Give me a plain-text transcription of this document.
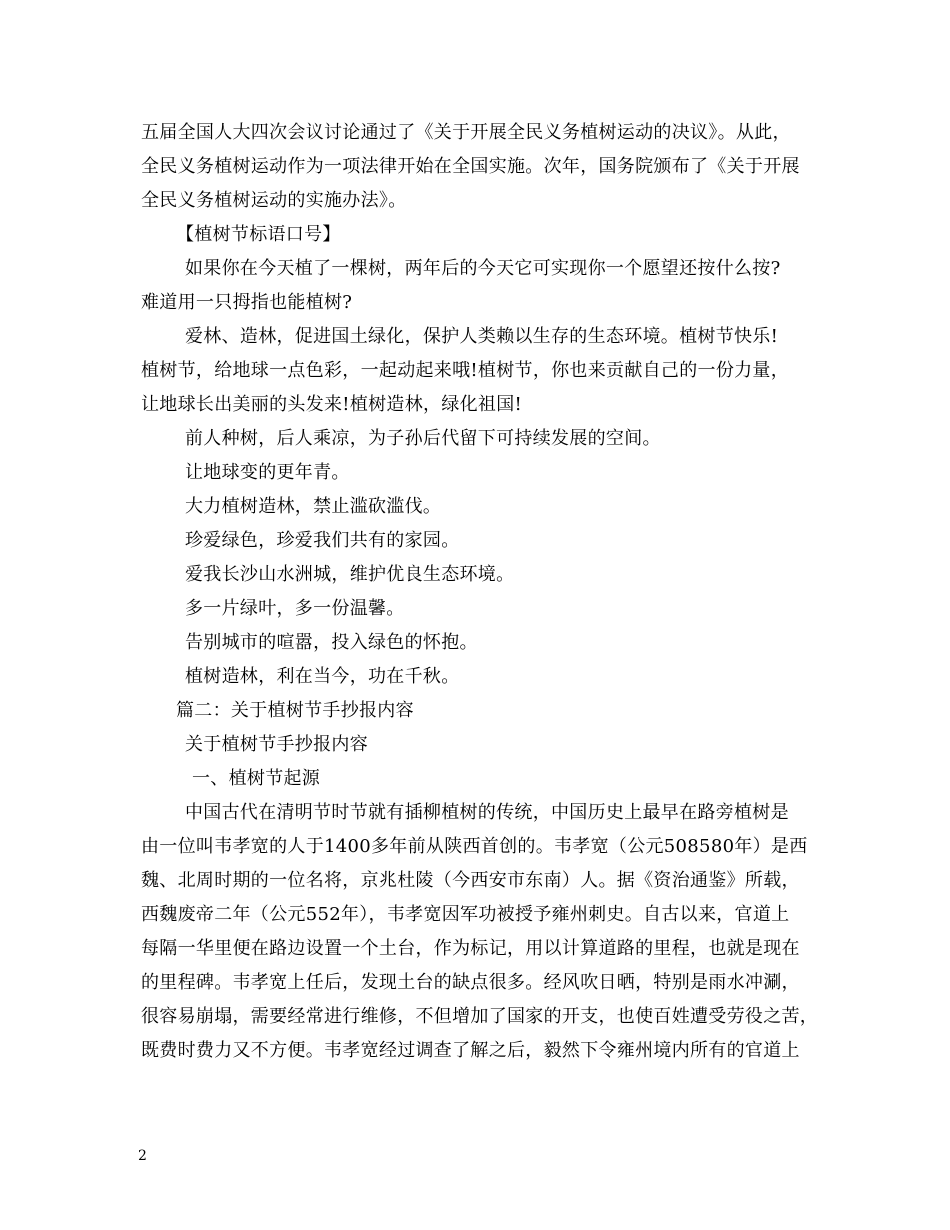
五届全国人大四次会议讨论通过了《关于开展全民义务植树运动的决议》。从此，
全民义务植树运动作为一项法律开始在全国实施。次年，国务院颁布了《关于开展
全民义务植树运动的实施办法》。
【植树节标语口号】
如果你在今天植了一棵树，两年后的今天它可实现你一个愿望还按什么按?
难道用一只拇指也能植树?
爱林、造林，促进国土绿化，保护人类赖以生存的生态环境。植树节快乐!
植树节，给地球一点色彩，一起动起来哦!植树节，你也来贡献自己的一份力量，
让地球长出美丽的头发来!植树造林，绿化祖国!
前人种树，后人乘凉，为子孙后代留下可持续发展的空间。
让地球变的更年青。
大力植树造林，禁止滥砍滥伐。
珍爱绿色，珍爱我们共有的家园。
爱我长沙山水洲城，维护优良生态环境。
多一片绿叶，多一份温馨。
告别城市的喧嚣，投入绿色的怀抱。
植树造林，利在当今，功在千秋。
篇二：关于植树节手抄报内容
关于植树节手抄报内容
一、植树节起源
中国古代在清明节时节就有插柳植树的传统，中国历史上最早在路旁植树是
由一位叫韦孝宽的人于1400多年前从陕西首创的。韦孝宽（公元508580年）是西
魏、北周时期的一位名将，京兆杜陵（今西安市东南）人。据《资治通鉴》所载，
西魏废帝二年（公元552年），韦孝宽因军功被授予雍州刺史。自古以来，官道上
每隔一华里便在路边设置一个土台，作为标记，用以计算道路的里程，也就是现在
的里程碑。韦孝宽上任后，发现土台的缺点很多。经风吹日晒，特别是雨水冲涮，
很容易崩塌，需要经常进行维修，不但增加了国家的开支，也使百姓遭受劳役之苦，
既费时费力又不方便。韦孝宽经过调查了解之后，毅然下令雍州境内所有的官道上
2
